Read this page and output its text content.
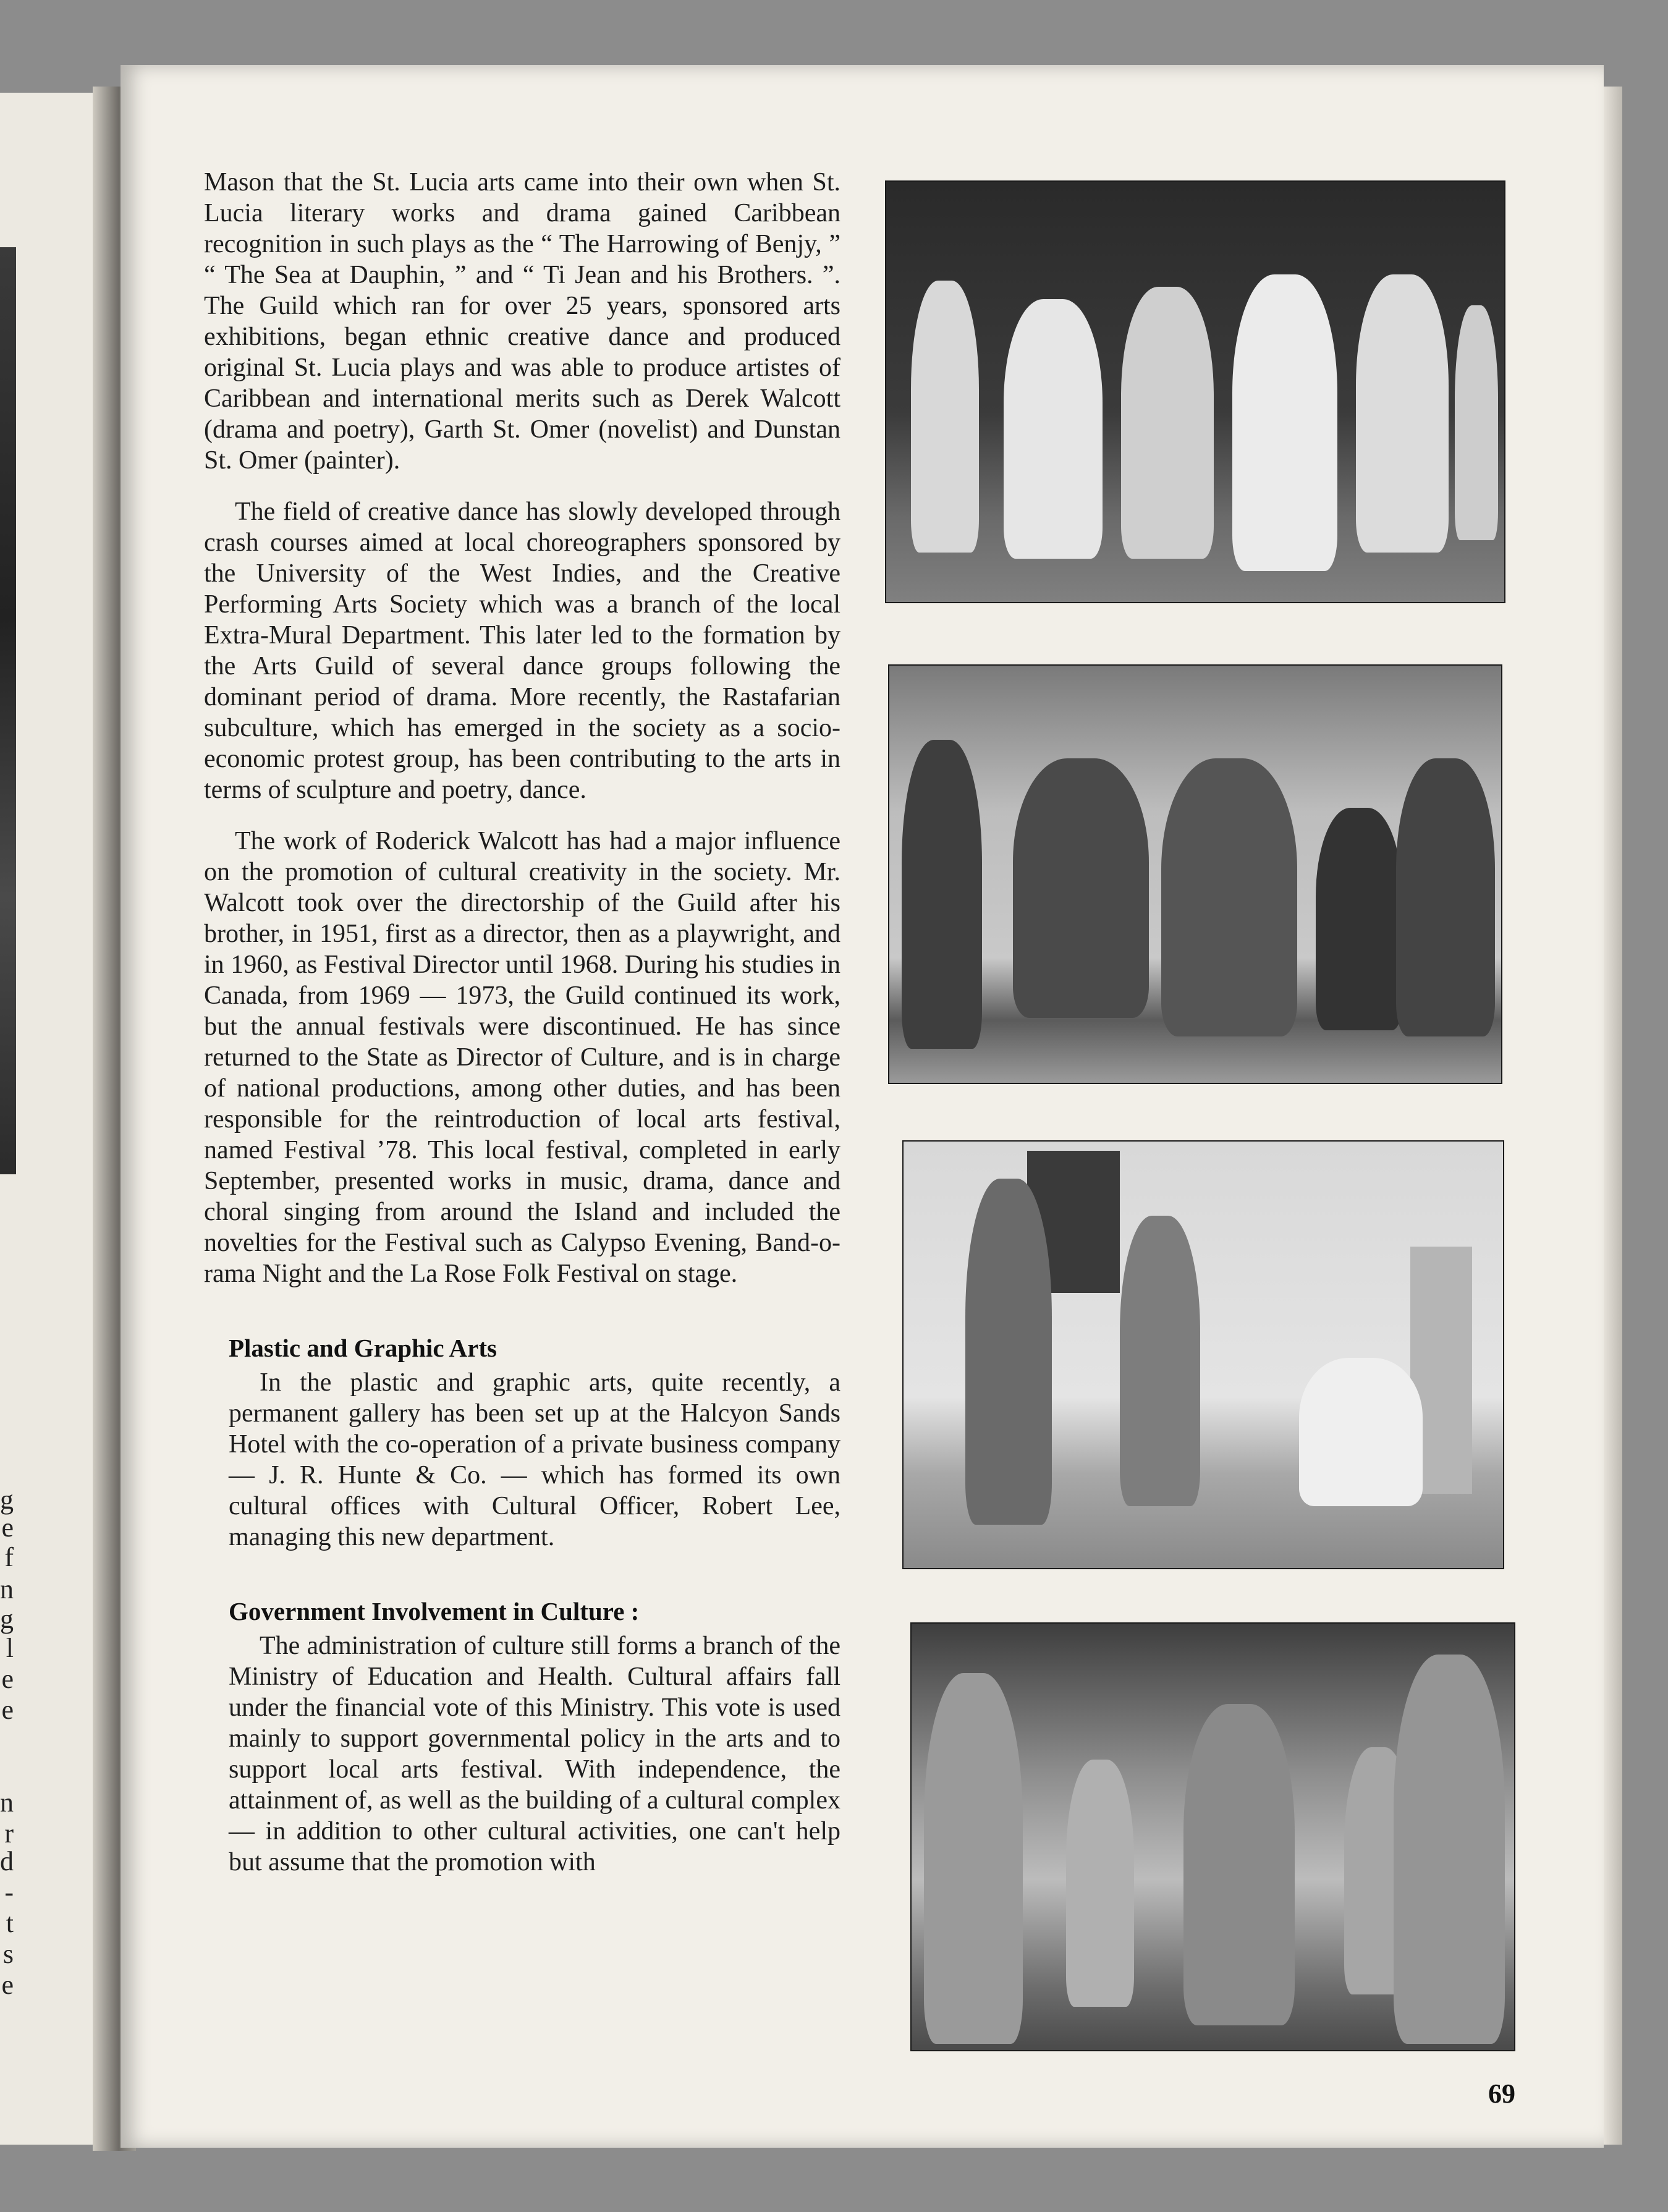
g
e
f
n
g
l
e
e
n
r
d
-
t
s
e

Mason that the St. Lucia arts came into their own when St. Lucia literary works and drama gained Caribbean recognition in such plays as the “ The Harrowing of Benjy, ” “ The Sea at Dauphin, ” and “ Ti Jean and his Brothers. ”. The Guild which ran for over 25 years, sponsored arts exhibitions, began ethnic creative dance and produced original St. Lucia plays and was able to produce artistes of Caribbean and international merits such as Derek Walcott (drama and poetry), Garth St. Omer (novelist) and Dunstan St. Omer (painter).

The field of creative dance has slowly developed through crash courses aimed at local choreographers sponsored by the University of the West Indies, and the Creative Performing Arts Society which was a branch of the local Extra-Mural Department. This later led to the formation by the Arts Guild of several dance groups following the dominant period of drama. More recently, the Rastafarian subculture, which has emerged in the society as a socio-economic protest group, has been contributing to the arts in terms of sculpture and poetry, dance.

The work of Roderick Walcott has had a major influence on the promotion of cultural creativity in the society. Mr. Walcott took over the directorship of the Guild after his brother, in 1951, first as a director, then as a playwright, and in 1960, as Festival Director until 1968. During his studies in Canada, from 1969 — 1973, the Guild continued its work, but the annual festivals were discontinued. He has since returned to the State as Director of Culture, and is in charge of national productions, among other duties, and has been responsible for the reintroduction of local arts festival, named Festival ’78. This local festival, completed in early September, presented works in music, drama, dance and choral singing from around the Island and included the novelties for the Festival such as Calypso Evening, Band-o-rama Night and the La Rose Folk Festival on stage.

Plastic and Graphic Arts

In the plastic and graphic arts, quite recently, a permanent gallery has been set up at the Halcyon Sands Hotel with the co-operation of a private business company — J. R. Hunte & Co. — which has formed its own cultural offices with Cultural Officer, Robert Lee, managing this new department.

Government Involvement in Culture :

The administration of culture still forms a branch of the Ministry of Education and Health. Cultural affairs fall under the financial vote of this Ministry. This vote is used mainly to support governmental policy in the arts and to support local arts festival. With independence, the attainment of, as well as the building of a cultural complex — in addition to other cultural activities, one can't help but assume that the promotion with

69
